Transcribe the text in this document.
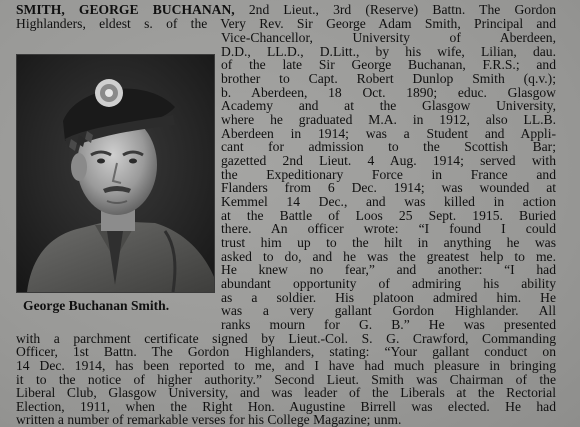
SMITH, GEORGE BUCHANAN, 2nd Lieut., 3rd (Reserve) Battn. The Gordon
Highlanders, eldest s. of the Very Rev. Sir George Adam Smith, Principal and
Vice-Chancellor, University of Aberdeen,
D.D., LL.D., D.Litt., by his wife, Lilian, dau.
of the late Sir George Buchanan, F.R.S.; and
brother to Capt. Robert Dunlop Smith (q.v.);
b. Aberdeen, 18 Oct. 1890; educ. Glasgow
Academy and at the Glasgow University,
where he graduated M.A. in 1912, also LL.B.
Aberdeen in 1914; was a Student and Appli-
cant for admission to the Scottish Bar;
gazetted 2nd Lieut. 4 Aug. 1914; served with
the Expeditionary Force in France and
Flanders from 6 Dec. 1914; was wounded at
Kemmel 14 Dec., and was killed in action
at the Battle of Loos 25 Sept. 1915. Buried
there. An officer wrote: “I found I could
trust him up to the hilt in anything he was
asked to do, and he was the greatest help to me.
He knew no fear,” and another: “I had
abundant opportunity of admiring his ability
as a soldier. His platoon admired him. He
was a very gallant Gordon Highlander. All
ranks mourn for G. B.” He was presented
George Buchanan Smith.
with a parchment certificate signed by Lieut.-Col. S. G. Crawford, Commanding
Officer, 1st Battn. The Gordon Highlanders, stating: “Your gallant conduct on
14 Dec. 1914, has been reported to me, and I have had much pleasure in bringing
it to the notice of higher authority.” Second Lieut. Smith was Chairman of the
Liberal Club, Glasgow University, and was leader of the Liberals at the Rectorial
Election, 1911, when the Right Hon. Augustine Birrell was elected. He had
written a number of remarkable verses for his College Magazine; unm.
